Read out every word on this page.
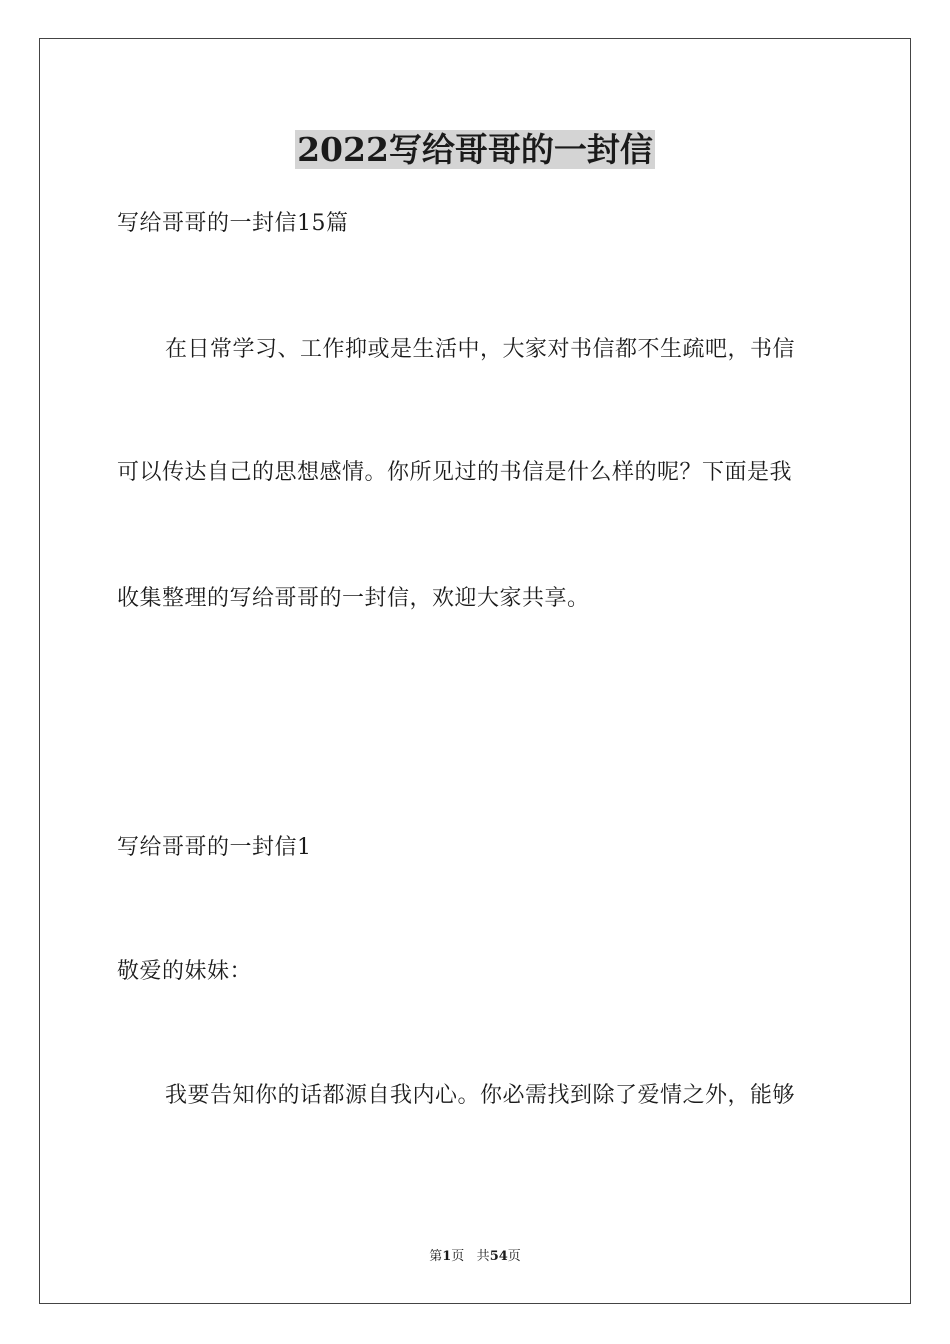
2022写给哥哥的一封信
写给哥哥的一封信15篇
在日常学习、工作抑或是生活中，大家对书信都不生疏吧，书信
可以传达自己的思想感情。你所见过的书信是什么样的呢？下面是我
收集整理的写给哥哥的一封信，欢迎大家共享。
写给哥哥的一封信1
敬爱的妹妹：
我要告知你的话都源自我内心。你必需找到除了爱情之外，能够
第1页 共54页
